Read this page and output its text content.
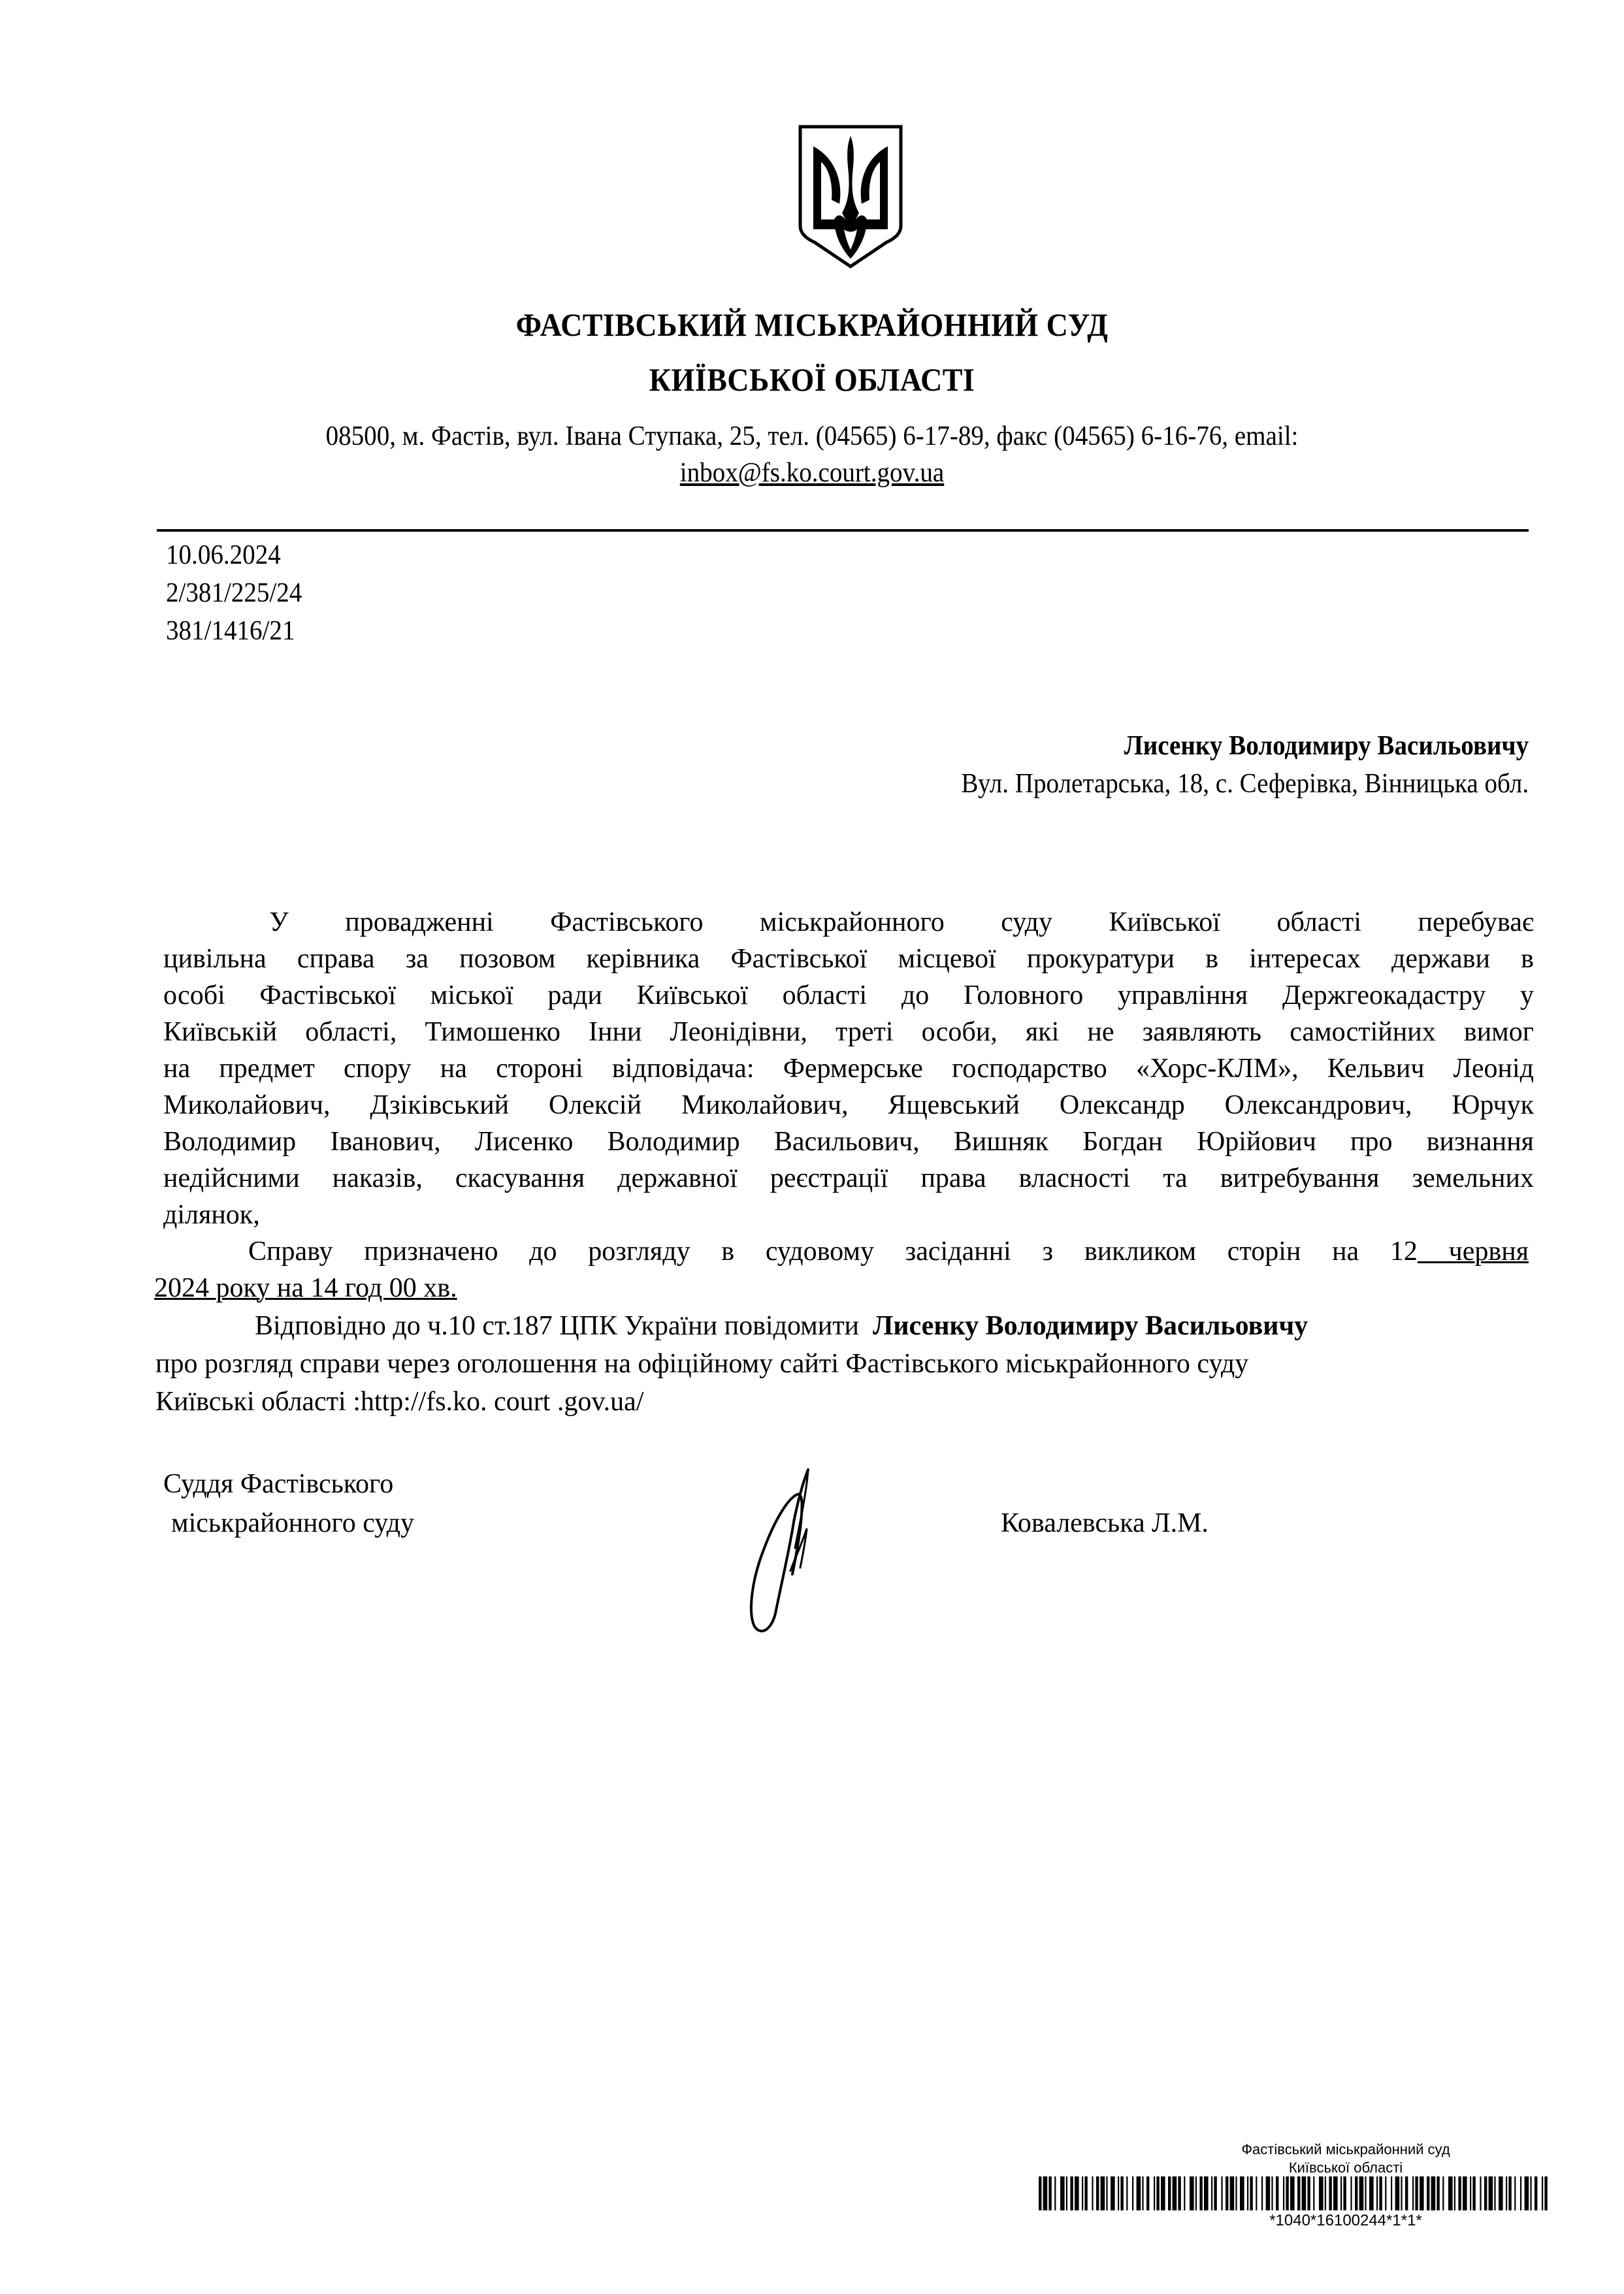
ФАСТІВСЬКИЙ МІСЬКРАЙОННИЙ СУД
КИЇВСЬКОЇ ОБЛАСТІ
08500, м. Фастів, вул. Івана Ступака, 25, тел. (04565) 6-17-89, факс (04565) 6-16-76, email:
inbox@fs.ko.court.gov.ua
10.06.2024
2/381/225/24
381/1416/21
Лисенку Володимиру Васильовичу
Вул. Пролетарська, 18, с. Сеферівка, Вінницька обл.
У провадженні Фастівського міськрайонного суду Київської області перебуває
цивільна справа за позовом керівника Фастівської місцевої прокуратури в інтересах держави в
особі Фастівської міської ради Київської області до Головного управління Держгеокадастру у
Київській області, Тимошенко Інни Леонідівни, треті особи, які не заявляють самостійних вимог
на предмет спору на стороні відповідача: Фермерське господарство «Хорс-КЛМ», Кельвич Леонід
Миколайович, Дзіківський Олексій Миколайович, Ящевський Олександр Олександрович, Юрчук
Володимир Іванович, Лисенко Володимир Васильович, Вишняк Богдан Юрійович про визнання
недійсними наказів, скасування державної реєстрації права власності та витребування земельних
ділянок,
Справу призначено до розгляду в судовому засіданні з викликом сторін на 12 червня
2024 року на 14 год 00 хв.
Відповідно до ч.10 ст.187 ЦПК України повідомити Лисенку Володимиру Васильовичу
про розгляд справи через оголошення на офіційному сайті Фастівського міськрайонного суду
Київські області :http://fs.ko. court .gov.ua/
Суддя Фастівського
міськрайонного суду	Ковалевська Л.М.
Фастівський міськрайонний суд
Київської області
*1040*16100244*1*1*
